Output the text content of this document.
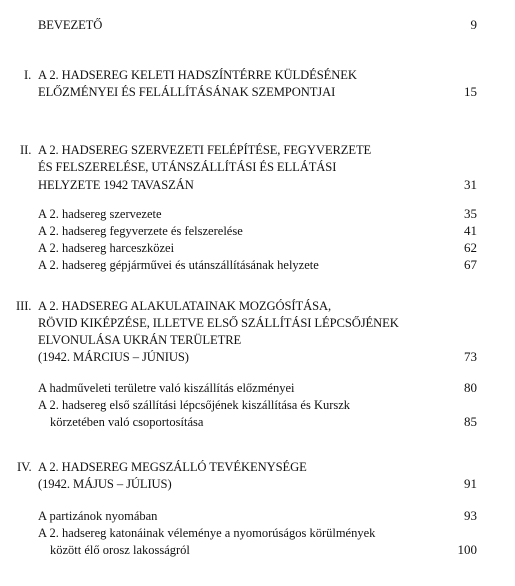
BEVEZETŐ	9
I. A 2. HADSEREG KELETI HADSZÍNTÉRRE KÜLDÉSÉNEK
ELŐZMÉNYEI ÉS FELÁLLÍTÁSÁNAK SZEMPONTJAI	15
II. A 2. HADSEREG SZERVEZETI FELÉPÍTÉSE, FEGYVERZETE
ÉS FELSZERELÉSE, UTÁNSZÁLLÍTÁSI ÉS ELLÁTÁSI
HELYZETE 1942 TAVASZÁN	31
A 2. hadsereg szervezete	35
A 2. hadsereg fegyverzete és felszerelése	41
A 2. hadsereg harceszközei	62
A 2. hadsereg gépjárművei és utánszállításának helyzete	67
III. A 2. HADSEREG ALAKULATAINAK MOZGÓSÍTÁSA,
RÖVID KIKÉPZÉSE, ILLETVE ELSŐ SZÁLLÍTÁSI LÉPCSŐJÉNEK
ELVONULÁSA UKRÁN TERÜLETRE
(1942. MÁRCIUS – JÚNIUS)	73
A hadműveleti területre való kiszállítás előzményei	80
A 2. hadsereg első szállítási lépcsőjének kiszállítása és Kurszk
körzetében való csoportosítása	85
IV. A 2. HADSEREG MEGSZÁLLÓ TEVÉKENYSÉGE
(1942. MÁJUS – JÚLIUS)	91
A partizánok nyomában	93
A 2. hadsereg katonáinak véleménye a nyomorúságos körülmények
között élő orosz lakosságról	100
